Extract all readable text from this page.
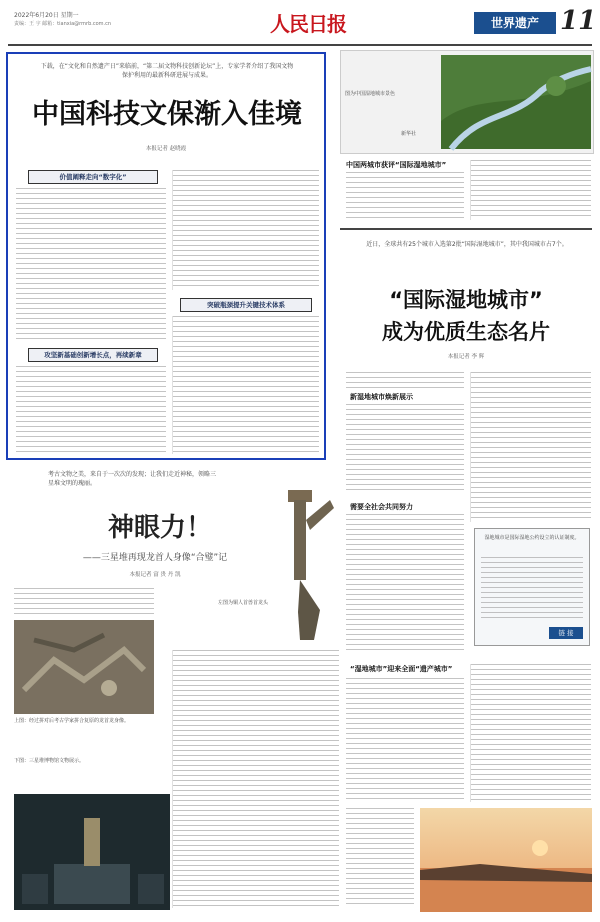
2022年6月20日 星期一
责编：王 宇 邮箱：tianxia@rmrb.com.cn	人民日报	世界遗产 11
下载，在“文化和自然遗产日”来临前，“第二届文物科技创新论坛”上，专家学者介绍了我国文物保护利用的最新科研进展与成果。
中国科技文保渐入佳境
本报记者 赵晓霞
价值阐释走向“数字化”
攻坚新基础创新增长点，再续新章
突破瓶颈提升关键技术体系
图为中国湿地城市景色
新华社
中国两城市获评“国际湿地城市”
近日，全球共有25个城市入选第2批“国际湿地城市”，其中我国城市占7个。
“国际湿地城市”
成为优质生态名片
本报记者 李 辉
新湿地城市焕新展示
需要全社会共同努力
湿地城市是国际湿地公约设立的认证制度。
链 接
“湿地城市”迎来全面“遗产城市”
考古文物之美，来自于一次次的发现；让我们走近神秘，领略三星堆文明的瑰丽。
神眼力！
——三星堆再现龙首人身像“合璧”记
本报记者 富 贵 丹 凯
左图为铜人首兽首龙头
上图：经过拼对后考古学家拼合复原的龙首龙身像。
下图：三星堆博物馆文物展示。
